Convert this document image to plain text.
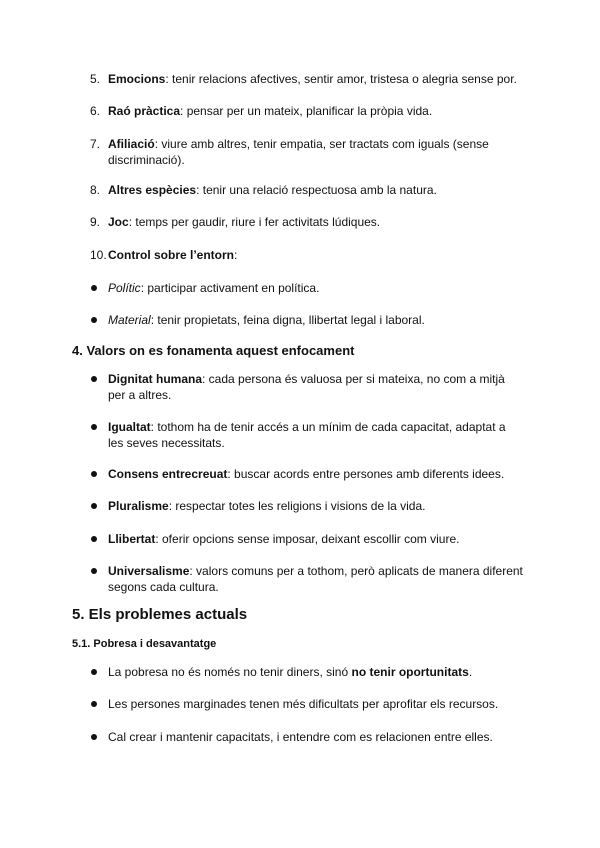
5. Emocions: tenir relacions afectives, sentir amor, tristesa o alegria sense por.
6. Raó pràctica: pensar per un mateix, planificar la pròpia vida.
7. Afiliació: viure amb altres, tenir empatia, ser tractats com iguals (sense
discriminació).
8. Altres espècies: tenir una relació respectuosa amb la natura.
9. Joc: temps per gaudir, riure i fer activitats lúdiques.
10. Control sobre l’entorn:
Polític: participar activament en política.
Material: tenir propietats, feina digna, llibertat legal i laboral.
4. Valors on es fonamenta aquest enfocament
Dignitat humana: cada persona és valuosa per si mateixa, no com a mitjà
per a altres.
Igualtat: tothom ha de tenir accés a un mínim de cada capacitat, adaptat a
les seves necessitats.
Consens entrecreuat: buscar acords entre persones amb diferents idees.
Pluralisme: respectar totes les religions i visions de la vida.
Llibertat: oferir opcions sense imposar, deixant escollir com viure.
Universalisme: valors comuns per a tothom, però aplicats de manera diferent
segons cada cultura.
5. Els problemes actuals
5.1. Pobresa i desavantatge
La pobresa no és només no tenir diners, sinó no tenir oportunitats.
Les persones marginades tenen més dificultats per aprofitar els recursos.
Cal crear i mantenir capacitats, i entendre com es relacionen entre elles.
